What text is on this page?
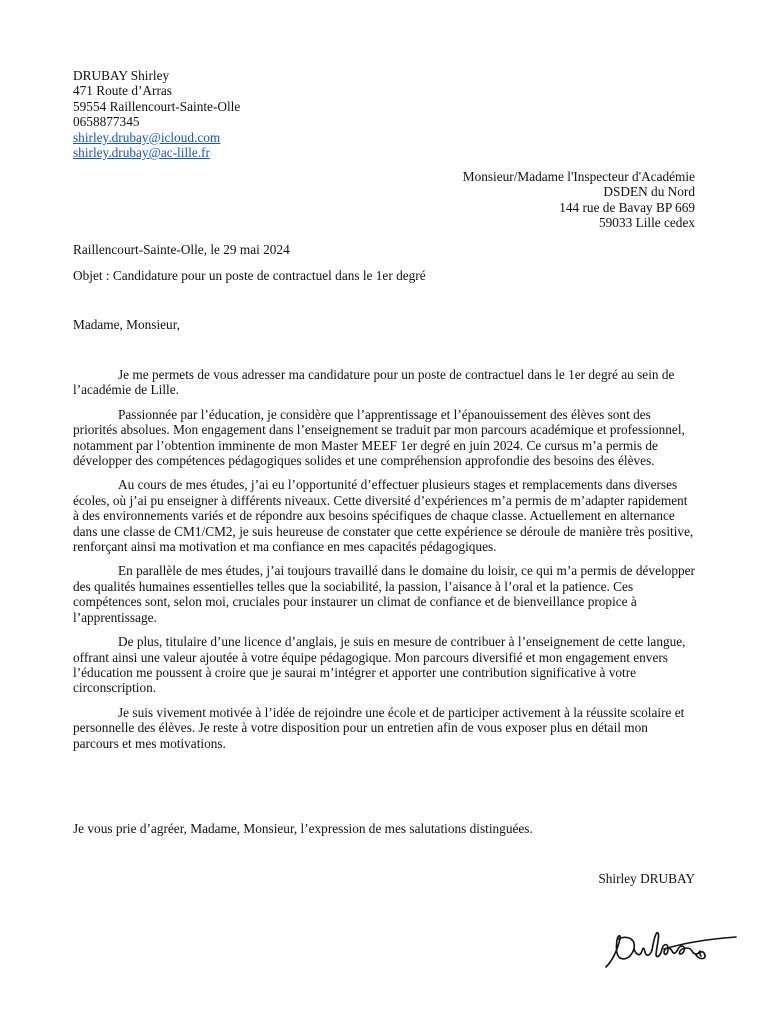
DRUBAY Shirley
471 Route d’Arras
59554 Raillencourt-Sainte-Olle
0658877345
shirley.drubay@icloud.com
shirley.drubay@ac-lille.fr
Monsieur/Madame l'Inspecteur d'Académie
DSDEN du Nord
144 rue de Bavay BP 669
59033 Lille cedex
Raillencourt-Sainte-Olle, le 29 mai 2024
Objet : Candidature pour un poste de contractuel dans le 1er degré
Madame, Monsieur,

Je me permets de vous adresser ma candidature pour un poste de contractuel dans le 1er degré au sein de l’académie de Lille.

Passionnée par l’éducation, je considère que l’apprentissage et l’épanouissement des élèves sont des priorités absolues. Mon engagement dans l’enseignement se traduit par mon parcours académique et professionnel, notamment par l’obtention imminente de mon Master MEEF 1er degré en juin 2024. Ce cursus m’a permis de développer des compétences pédagogiques solides et une compréhension approfondie des besoins des élèves.

Au cours de mes études, j’ai eu l’opportunité d’effectuer plusieurs stages et remplacements dans diverses écoles, où j’ai pu enseigner à différents niveaux. Cette diversité d’expériences m’a permis de m’adapter rapidement à des environnements variés et de répondre aux besoins spécifiques de chaque classe. Actuellement en alternance dans une classe de CM1/CM2, je suis heureuse de constater que cette expérience se déroule de manière très positive, renforçant ainsi ma motivation et ma confiance en mes capacités pédagogiques.

En parallèle de mes études, j’ai toujours travaillé dans le domaine du loisir, ce qui m’a permis de développer des qualités humaines essentielles telles que la sociabilité, la passion, l’aisance à l’oral et la patience. Ces compétences sont, selon moi, cruciales pour instaurer un climat de confiance et de bienveillance propice à l’apprentissage.

De plus, titulaire d’une licence d’anglais, je suis en mesure de contribuer à l’enseignement de cette langue, offrant ainsi une valeur ajoutée à votre équipe pédagogique. Mon parcours diversifié et mon engagement envers l’éducation me poussent à croire que je saurai m’intégrer et apporter une contribution significative à votre circonscription.

Je suis vivement motivée à l’idée de rejoindre une école et de participer activement à la réussite scolaire et personnelle des élèves. Je reste à votre disposition pour un entretien afin de vous exposer plus en détail mon parcours et mes motivations.

Je vous prie d’agréer, Madame, Monsieur, l’expression de mes salutations distinguées.
Shirley DRUBAY
